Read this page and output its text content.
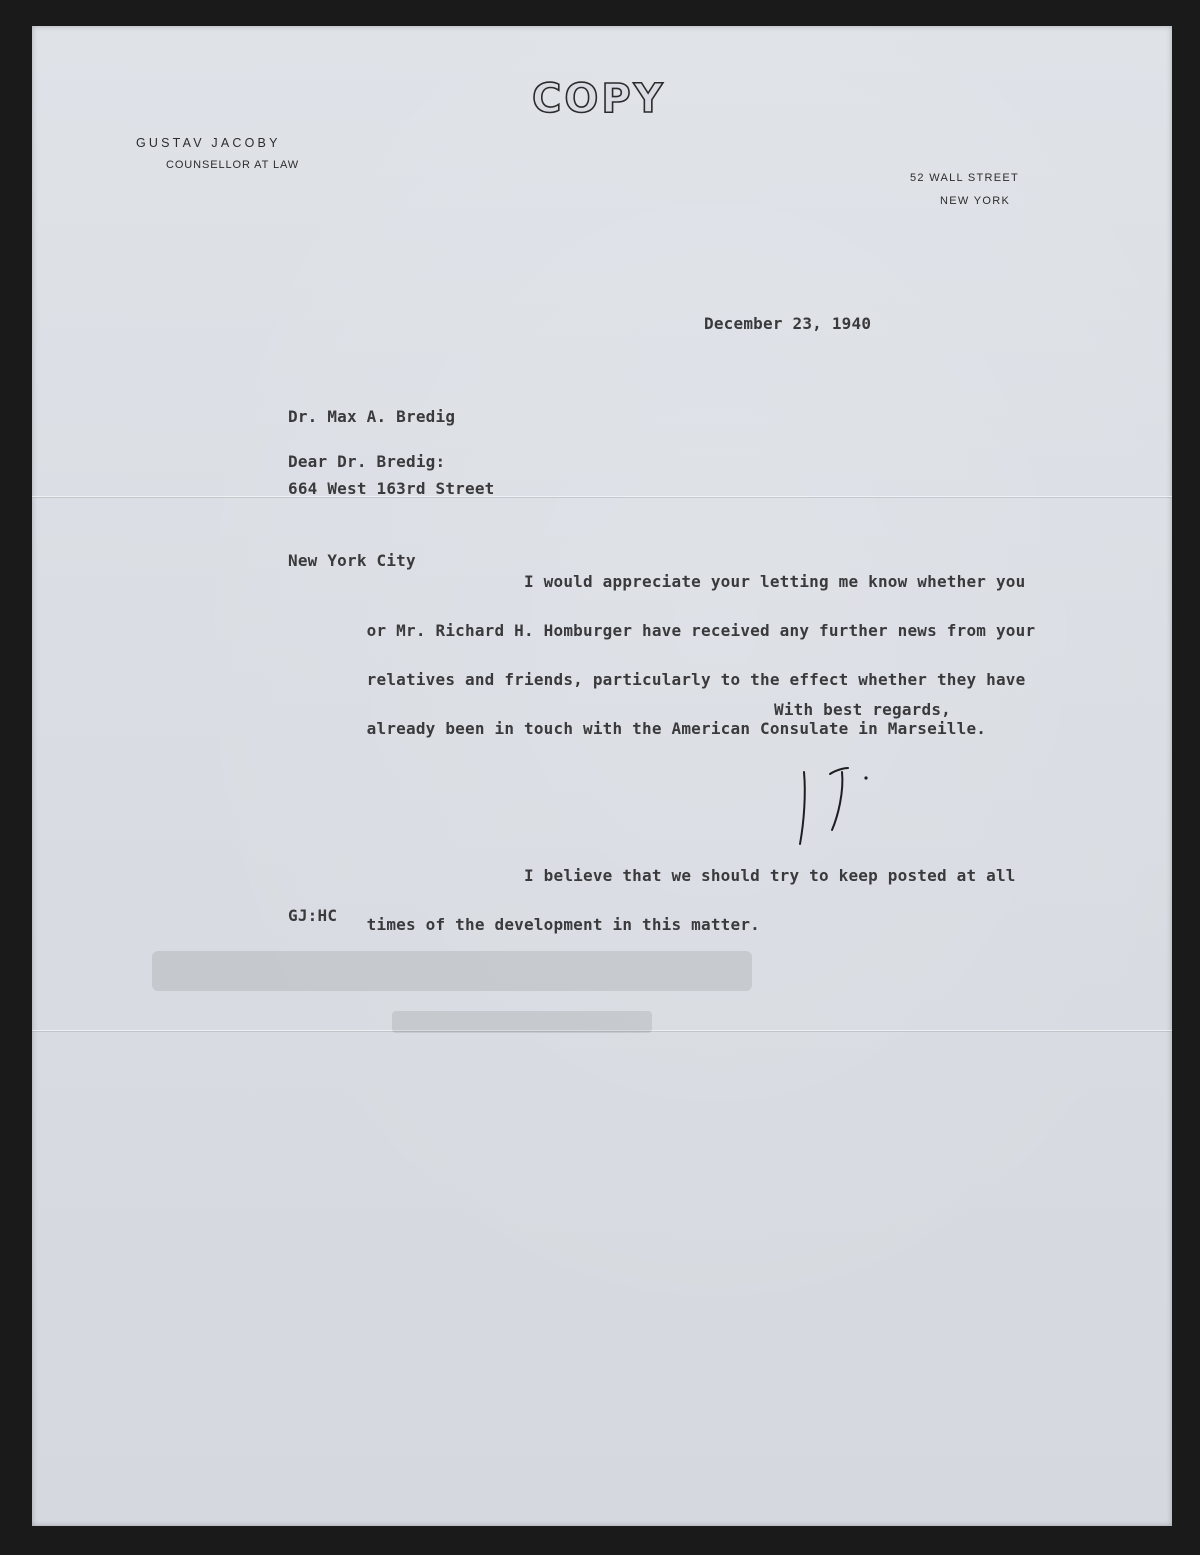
COPY
GUSTAV JACOBY
COUNSELLOR AT LAW
52 WALL STREET
NEW YORK
December 23, 1940

Dr. Max A. Bredig

664 West 163rd Street

New York City

Dear Dr. Bredig:

I would appreciate your letting me know whether you

or Mr. Richard H. Homburger have received any further news from your

relatives and friends, particularly to the effect whether they have

already been in touch with the American Consulate in Marseille.

I believe that we should try to keep posted at all

times of the development in this matter.

With best regards,
GJ:HC
